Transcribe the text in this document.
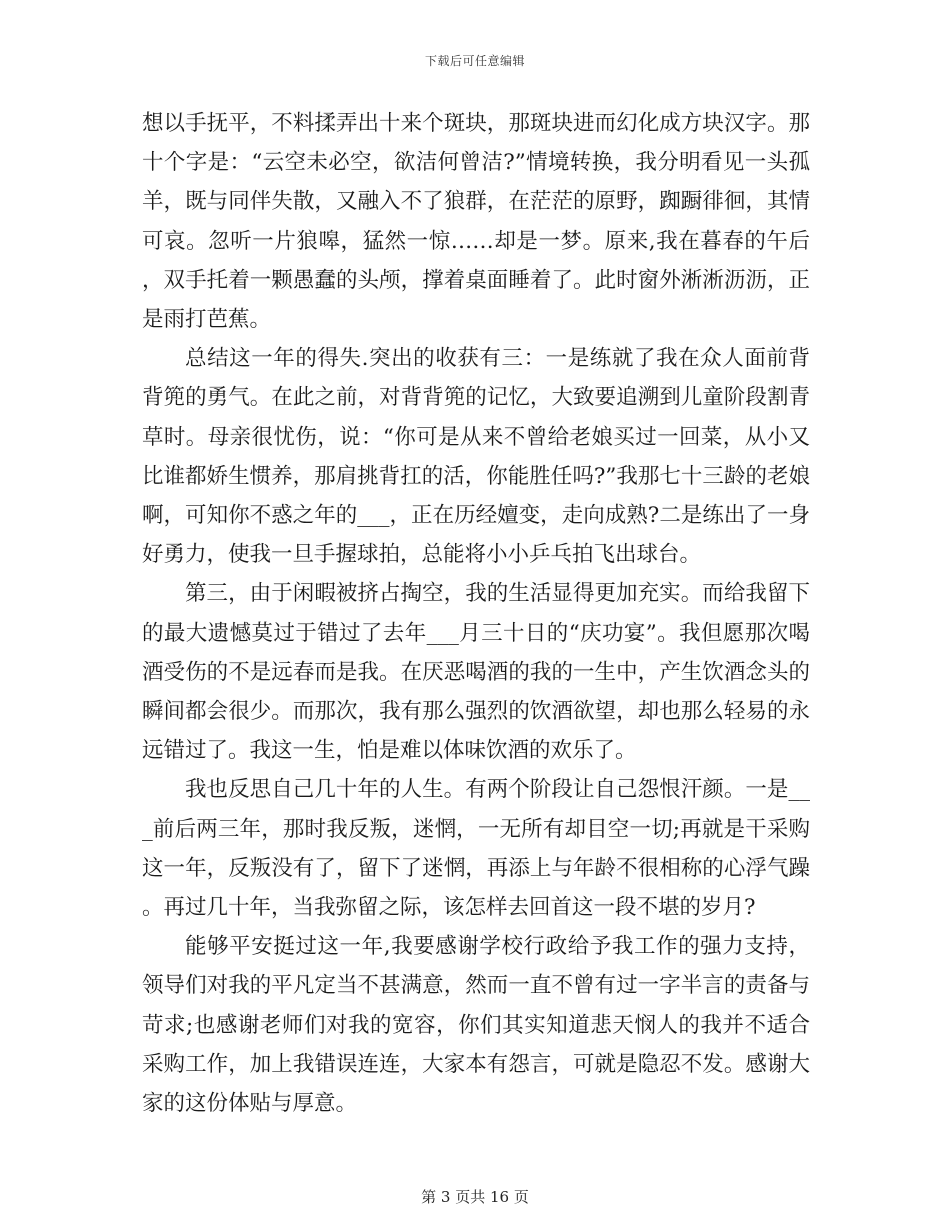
下载后可任意编辑

想以手抚平，不料揉弄出十来个斑块，那斑块进而幻化成方块汉字。那十个字是：“云空未必空，欲洁何曾洁?”情境转换，我分明看见一头孤羊，既与同伴失散，又融入不了狼群，在茫茫的原野，踟蹰徘徊，其情可哀。忽听一片狼嗥，猛然一惊……却是一梦。原来,我在暮春的午后，双手托着一颗愚蠢的头颅，撑着桌面睡着了。此时窗外淅淅沥沥，正是雨打芭蕉。

总结这一年的得失.突出的收获有三：一是练就了我在众人面前背背篼的勇气。在此之前，对背背篼的记忆，大致要追溯到儿童阶段割青草时。母亲很忧伤，说：“你可是从来不曾给老娘买过一回菜，从小又比谁都娇生惯养，那肩挑背扛的活，你能胜任吗?”我那七十三龄的老娘啊，可知你不惑之年的___，正在历经嬗变，走向成熟?二是练出了一身好勇力，使我一旦手握球拍，总能将小小乒乓拍飞出球台。

第三，由于闲暇被挤占掏空，我的生活显得更加充实。而给我留下的最大遗憾莫过于错过了去年___月三十日的“庆功宴”。我但愿那次喝酒受伤的不是远春而是我。在厌恶喝酒的我的一生中，产生饮酒念头的瞬间都会很少。而那次，我有那么强烈的饮酒欲望，却也那么轻易的永远错过了。我这一生，怕是难以体味饮酒的欢乐了。

我也反思自己几十年的人生。有两个阶段让自己怨恨汗颜。一是___前后两三年，那时我反叛，迷惘，一无所有却目空一切;再就是干采购这一年，反叛没有了，留下了迷惘，再添上与年龄不很相称的心浮气躁。再过几十年，当我弥留之际，该怎样去回首这一段不堪的岁月?

能够平安挺过这一年,我要感谢学校行政给予我工作的强力支持，领导们对我的平凡定当不甚满意，然而一直不曾有过一字半言的责备与苛求;也感谢老师们对我的宽容，你们其实知道悲天悯人的我并不适合采购工作，加上我错误连连，大家本有怨言，可就是隐忍不发。感谢大家的这份体贴与厚意。

第 3 页共 16 页
